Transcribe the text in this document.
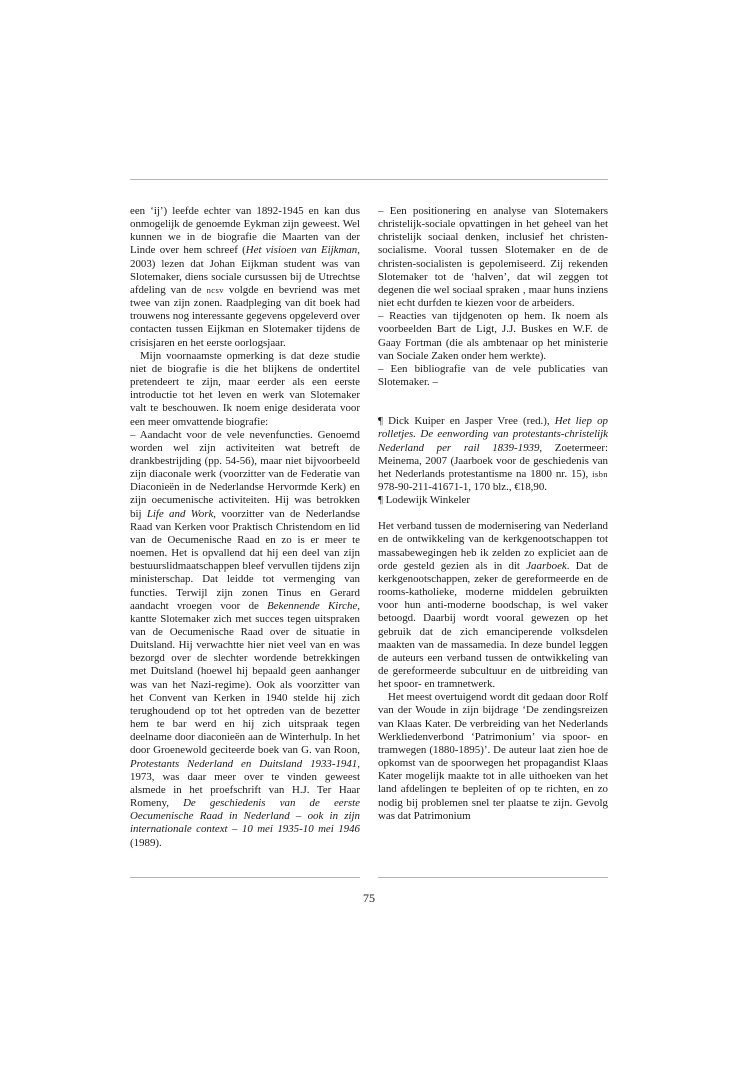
een ‘ij’) leefde echter van 1892-1945 en kan dus onmogelijk de genoemde Eykman zijn geweest. Wel kunnen we in de biografie die Maarten van der Linde over hem schreef (Het visioen van Eijkman, 2003) lezen dat Johan Eijkman student was van Slotemaker, diens sociale cursussen bij de Utrechtse afdeling van de ncsv volgde en bevriend was met twee van zijn zonen. Raadpleging van dit boek had trouwens nog interessante gegevens opgeleverd over contacten tussen Eijkman en Slotemaker tijdens de crisisjaren en het eerste oorlogsjaar.

Mijn voornaamste opmerking is dat deze studie niet de biografie is die het blijkens de ondertitel pretendeert te zijn, maar eerder als een eerste introductie tot het leven en werk van Slotemaker valt te beschouwen. Ik noem enige desiderata voor een meer omvattende biografie:

– Aandacht voor de vele nevenfuncties. Genoemd worden wel zijn activiteiten wat betreft de drankbestrijding (pp. 54-56), maar niet bijvoorbeeld zijn diaconale werk (voorzitter van de Federatie van Diaconieën in de Nederlandse Hervormde Kerk) en zijn oecumenische activiteiten. Hij was betrokken bij Life and Work, voorzitter van de Nederlandse Raad van Kerken voor Praktisch Christendom en lid van de Oecumenische Raad en zo is er meer te noemen. Het is opvallend dat hij een deel van zijn bestuurslidmaatschappen bleef vervullen tijdens zijn ministerschap. Dat leidde tot vermenging van functies. Terwijl zijn zonen Tinus en Gerard aandacht vroegen voor de Bekennende Kirche, kantte Slotemaker zich met succes tegen uitspraken van de Oecumenische Raad over de situatie in Duitsland. Hij verwachtte hier niet veel van en was bezorgd over de slechter wordende betrekkingen met Duitsland (hoewel hij bepaald geen aanhanger was van het Nazi-regime). Ook als voorzitter van het Convent van Kerken in 1940 stelde hij zich terughoudend op tot het optreden van de bezetter hem te bar werd en hij zich uitspraak tegen deelname door diaconieën aan de Winterhulp. In het door Groenewold geciteerde boek van G. van Roon, Protestants Nederland en Duitsland 1933-1941, 1973, was daar meer over te vinden geweest alsmede in het proefschrift van H.J. Ter Haar Romeny, De geschiedenis van de eerste Oecumenische Raad in Nederland – ook in zijn internationale context – 10 mei 1935-10 mei 1946 (1989).

– Een positionering en analyse van Slotemakers christelijk-sociale opvattingen in het geheel van het christelijk sociaal denken, inclusief het christen-socialisme. Vooral tussen Slotemaker en de de christen-socialisten is gepolemiseerd. Zij rekenden Slotemaker tot de ‘halven’, dat wil zeggen tot degenen die wel sociaal spraken , maar huns inziens niet echt durfden te kiezen voor de arbeiders.

– Reacties van tijdgenoten op hem. Ik noem als voorbeelden Bart de Ligt, J.J. Buskes en W.F. de Gaay Fortman (die als ambtenaar op het ministerie van Sociale Zaken onder hem werkte).

– Een bibliografie van de vele publicaties van Slotemaker. –

¶ Dick Kuiper en Jasper Vree (red.), Het liep op rolletjes. De eenwording van protestants-christelijk Nederland per rail 1839-1939, Zoetermeer: Meinema, 2007 (Jaarboek voor de geschiedenis van het Nederlands protestantisme na 1800 nr. 15), isbn 978-90-211-41671-1, 170 blz., €18,90.

¶ Lodewijk Winkeler

Het verband tussen de modernisering van Nederland en de ontwikkeling van de kerkgenootschappen tot massabewegingen heb ik zelden zo expliciet aan de orde gesteld gezien als in dit Jaarboek. Dat de kerkgenootschappen, zeker de gereformeerde en de rooms-katholieke, moderne middelen gebruikten voor hun anti-moderne boodschap, is wel vaker betoogd. Daarbij wordt vooral gewezen op het gebruik dat de zich emanciperende volksdelen maakten van de massamedia. In deze bundel leggen de auteurs een verband tussen de ontwikkeling van de gereformeerde subcultuur en de uitbreiding van het spoor- en tramnetwerk.

Het meest overtuigend wordt dit gedaan door Rolf van der Woude in zijn bijdrage ‘De zendingsreizen van Klaas Kater. De verbreiding van het Nederlands Werkliedenverbond ‘Patrimonium’ via spoor- en tramwegen (1880-1895)’. De auteur laat zien hoe de opkomst van de spoorwegen het propagandist Klaas Kater mogelijk maakte tot in alle uithoeken van het land afdelingen te bepleiten of op te richten, en zo nodig bij problemen snel ter plaatse te zijn. Gevolg was dat Patrimonium

75
